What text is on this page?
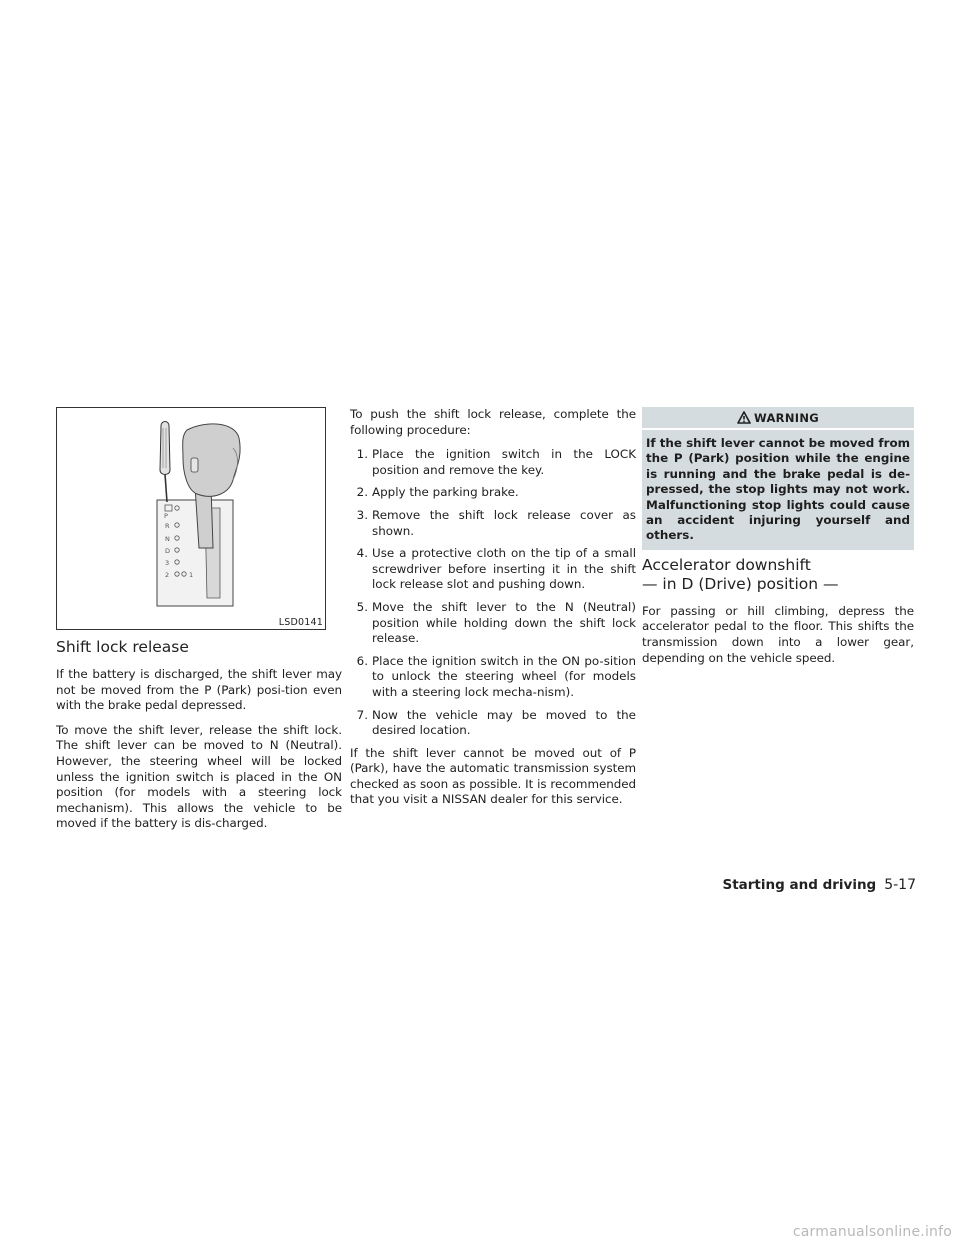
P
R
N
D
3
2	1
LSD0141
Shift lock release

If the battery is discharged, the shift lever may not be moved from the P (Park) posi-tion even with the brake pedal depressed.

To move the shift lever, release the shift lock. The shift lever can be moved to N (Neutral). However, the steering wheel will be locked unless the ignition switch is placed in the ON position (for models with a steering lock mechanism). This allows the vehicle to be moved if the battery is dis-charged.

To push the shift lock release, complete the following procedure:

1. Place the ignition switch in the LOCK position and remove the key.
2. Apply the parking brake.
3. Remove the shift lock release cover as shown.
4. Use a protective cloth on the tip of a small screwdriver before inserting it in the shift lock release slot and pushing down.
5. Move the shift lever to the N (Neutral) position while holding down the shift lock release.
6. Place the ignition switch in the ON po-sition to unlock the steering wheel (for models with a steering lock mecha-nism).
7. Now the vehicle may be moved to the desired location.

If the shift lever cannot be moved out of P (Park), have the automatic transmission system checked as soon as possible. It is recommended that you visit a NISSAN dealer for this service.

WARNING
If the shift lever cannot be moved from the P (Park) position while the engine is running and the brake pedal is de-pressed, the stop lights may not work. Malfunctioning stop lights could cause an accident injuring yourself and others.
Accelerator downshift
— in D (Drive) position —

For passing or hill climbing, depress the accelerator pedal to the floor. This shifts the transmission down into a lower gear, depending on the vehicle speed.

Starting and driving 5-17
carmanualsonline.info
